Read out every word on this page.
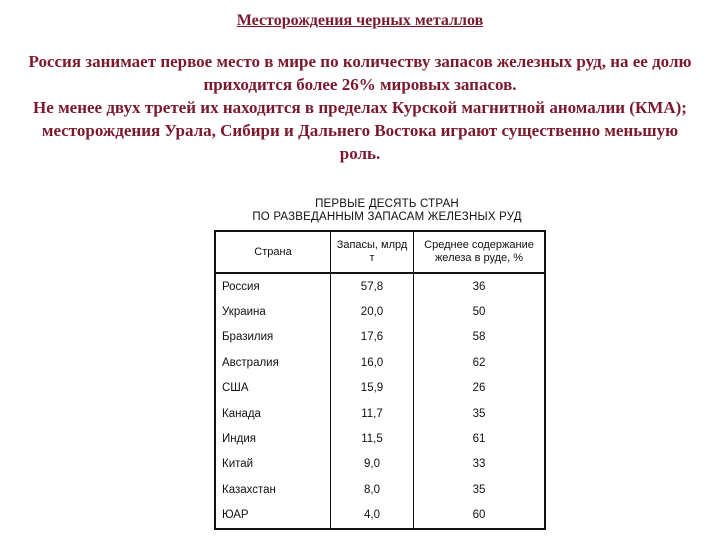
Месторождения черных металлов

Россия занимает первое место в мире по количеству запасов железных руд, на ее долю приходится более 26% мировых запасов.

Не менее двух третей их находится в пределах Курской магнитной аномалии (КМА);

месторождения Урала, Сибири и Дальнего Востока играют существенно меньшую роль.

ПЕРВЫЕ ДЕСЯТЬ СТРАН
ПО РАЗВЕДАННЫМ ЗАПАСАМ ЖЕЛЕЗНЫХ РУД
Страна	Запасы, млрд т	Среднее содержание железа в руде, %
Россия	57,8	36
Украина	20,0	50
Бразилия	17,6	58
Австралия	16,0	62
США	15,9	26
Канада	11,7	35
Индия	11,5	61
Китай	9,0	33
Казахстан	8,0	35
ЮАР	4,0	60
